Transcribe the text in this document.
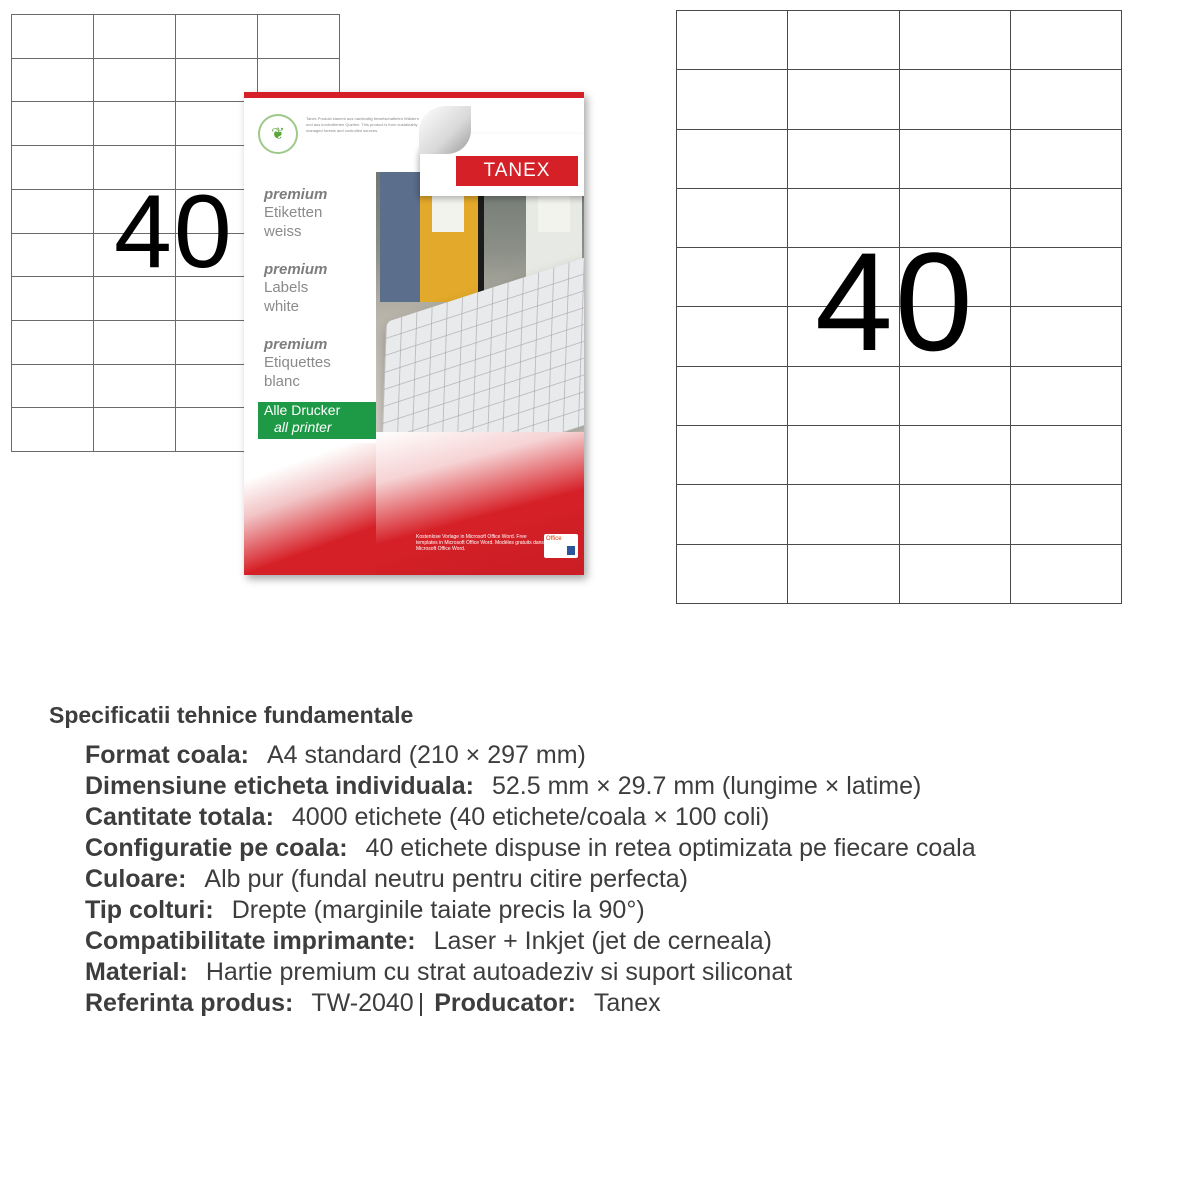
40	40
❦
Tanex Produkt stammt aus nachhaltig bewirtschafteten Wäldern und aus kontrollierten Quellen. This product is from sustainably managed forests and controlled sources.
premium
Etiketten
weiss
premium
Labels
white
premium
Etiquettes
blanc
Alle Drucker
all printer
Kostenlose Vorlage in Microsoft Office Word. Free templates in Microsoft Office Word. Modèles gratuits dans Microsoft Office Word.
Office
TANEX
Specificatii tehnice fundamentale
Format coala: A4 standard (210 × 297 mm)
Dimensiune eticheta individuala: 52.5 mm × 29.7 mm (lungime × latime)
Cantitate totala: 4000 etichete (40 etichete/coala × 100 coli)
Configuratie pe coala: 40 etichete dispuse in retea optimizata pe fiecare coala
Culoare: Alb pur (fundal neutru pentru citire perfecta)
Tip colturi: Drepte (marginile taiate precis la 90°)
Compatibilitate imprimante: Laser + Inkjet (jet de cerneala)
Material: Hartie premium cu strat autoadeziv si suport siliconat
Referinta produs: TW-2040 | Producator: Tanex
